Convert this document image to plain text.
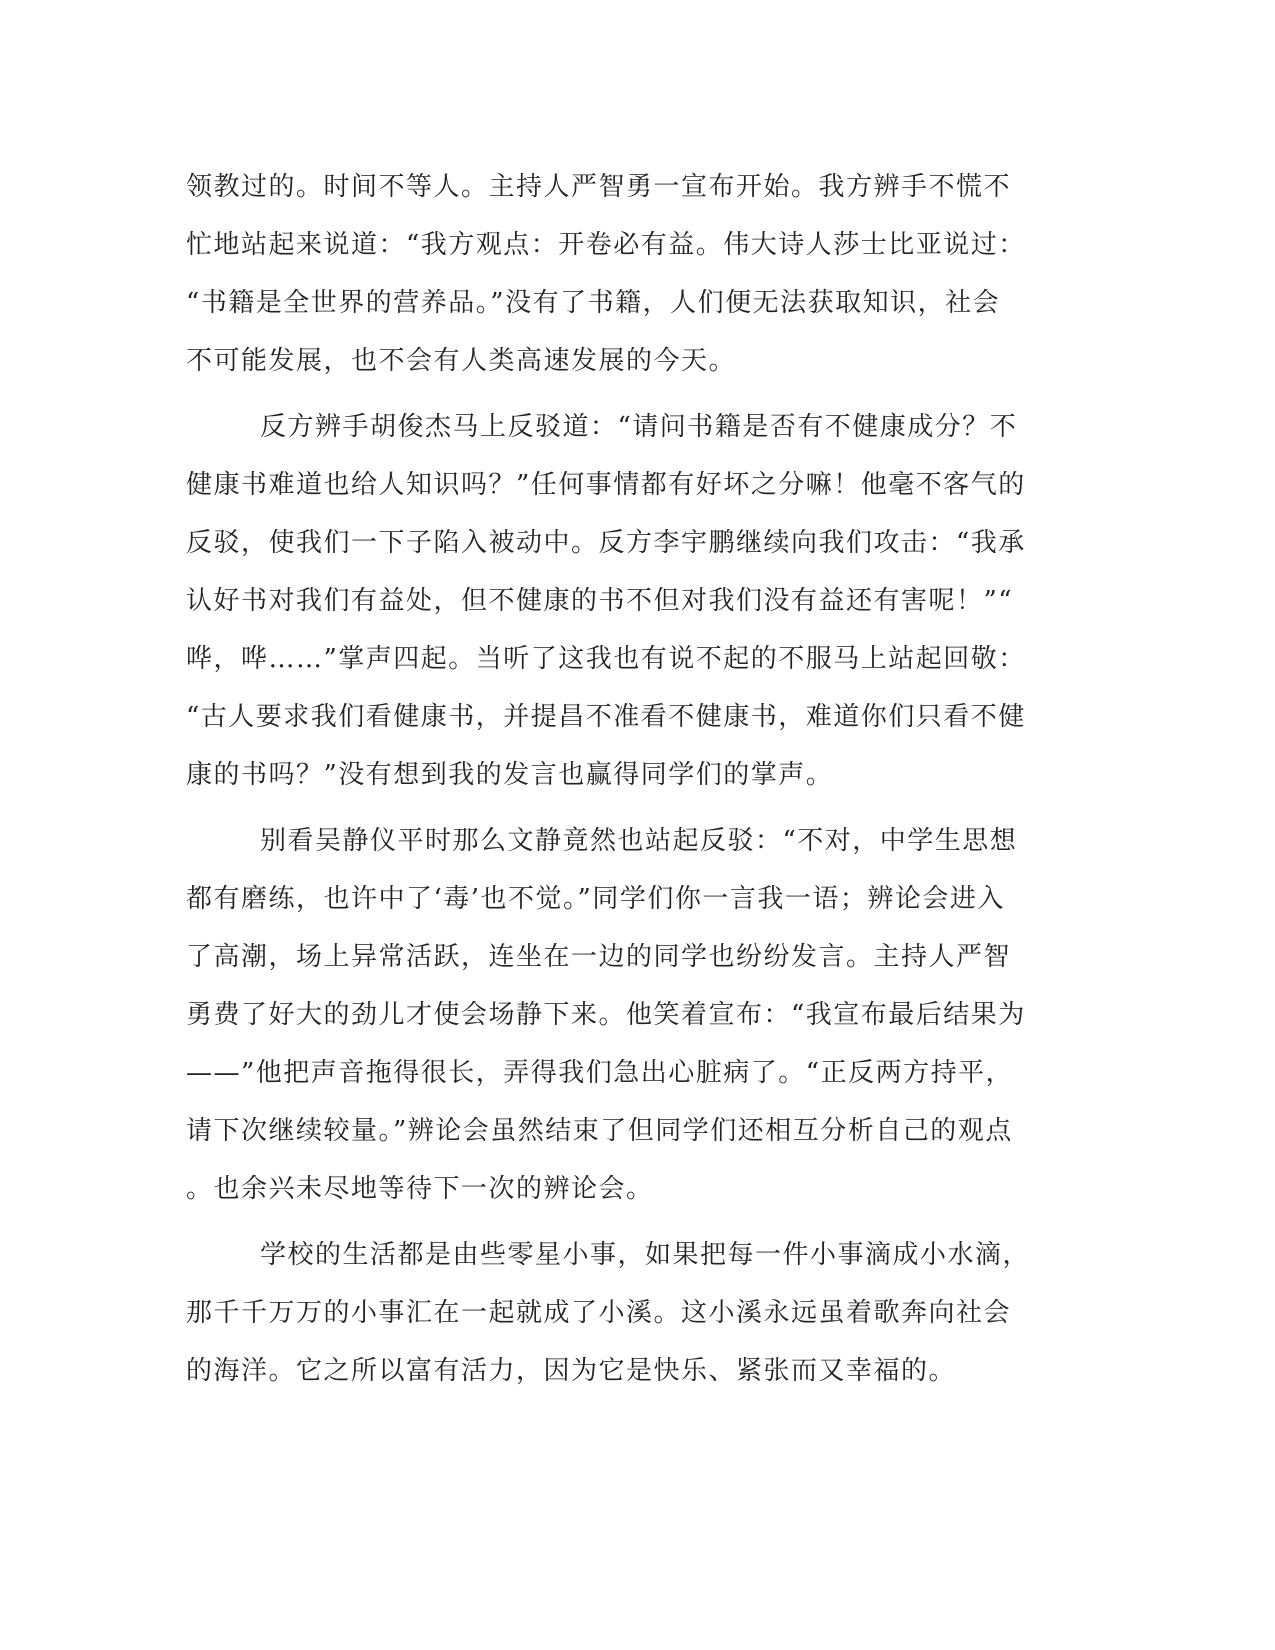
领教过的。时间不等人。主持人严智勇一宣布开始。我方辨手不慌不
忙地站起来说道：“我方观点：开卷必有益。伟大诗人莎士比亚说过：
“书籍是全世界的营养品。”没有了书籍，人们便无法获取知识，社会
不可能发展，也不会有人类高速发展的今天。
反方辨手胡俊杰马上反驳道：“请问书籍是否有不健康成分？不
健康书难道也给人知识吗？”任何事情都有好坏之分嘛！他毫不客气的
反驳，使我们一下子陷入被动中。反方李宇鹏继续向我们攻击：“我承
认好书对我们有益处，但不健康的书不但对我们没有益还有害呢！”“
哗，哗……”掌声四起。当听了这我也有说不起的不服马上站起回敬：
“古人要求我们看健康书，并提昌不准看不健康书，难道你们只看不健
康的书吗？”没有想到我的发言也赢得同学们的掌声。
别看吴静仪平时那么文静竟然也站起反驳：“不对，中学生思想
都有磨练，也许中了‘毒’也不觉。”同学们你一言我一语；辨论会进入
了高潮，场上异常活跃，连坐在一边的同学也纷纷发言。主持人严智
勇费了好大的劲儿才使会场静下来。他笑着宣布：“我宣布最后结果为
——”他把声音拖得很长，弄得我们急出心脏病了。“正反两方持平，
请下次继续较量。”辨论会虽然结束了但同学们还相互分析自己的观点
。也余兴未尽地等待下一次的辨论会。
学校的生活都是由些零星小事，如果把每一件小事滴成小水滴，
那千千万万的小事汇在一起就成了小溪。这小溪永远虽着歌奔向社会
的海洋。它之所以富有活力，因为它是快乐、紧张而又幸福的。
